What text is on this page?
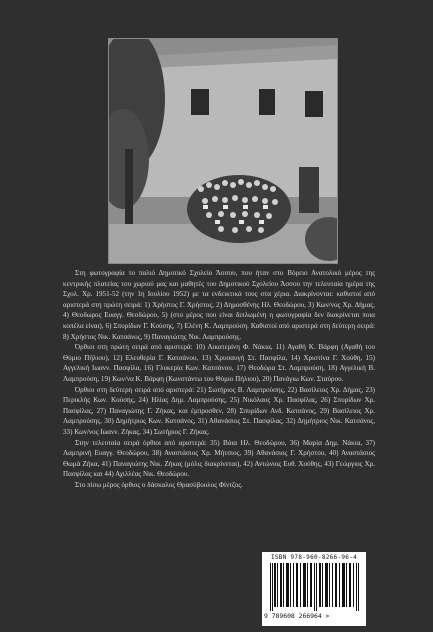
Στη φωτογραφία το παλιό Δημοτικό Σχολείο Άσσου, που ήταν στο Βόρειο Ανατολικό μέρος της κεντρικής πλατείας του χωριού μας και μαθητές του Δημοτικού Σχολείου Άσσου την τελευταία ημέρα της Σχολ. Χρ. 1951-52 (την 1η Ιουλίου 1952) με τα ενδεικτικά τους στα χέρια. Διακρίνονται: καθιστοί από αριστερά στη πρώτη σειρά: 1) Χρήστος Γ. Χρήστος, 2) Δημοσθένης Ηλ. Θεοδώρου, 3) Κων/νος Χρ. Δήμας, 4) Θεοδωρος Ευαγγ. Θεοδώρου, 5) (στο μέρος που είναι διπλωμένη η φωτογραφία δεν διακρίνεται ποια κοπέλα είναι), 6) Σπυρίδων Γ. Κούσης, 7) Ελένη Κ. Λαμπρούση. Καθιστοί από αριστερά στη δεύτερη σειρά: 8) Χρήστος Νικ. Κατσάνος, 9) Παναγιώτης Νικ. Λαμπρούσης.

Όρθιοι στη πρώτη σειρά από αριστερά: 10) Αικατερίνη Φ. Νάκια, 11) Αγαθή Κ. Βάρφη (Αγαθή του Θύμιο Πήλιου), 12) Ελευθερία Γ. Κατσάνου, 13) Χρυσαυγή Στ. Πασφίλα, 14) Χριστίνα Γ. Χούθη, 15) Αγγελική Ιωανν. Πασφίλα, 16) Γλυκερία Κων. Κατσάνου, 17) Θεοδώρα Στ. Λαμπρούση, 18) Αγγελική Β. Λαμπρούση, 19) Κων/να Κ. Βάρφη (Κωνστάντω του Θύμιο Πήλιου), 20) Πανάγιω Κων. Σταύρου.

Όρθιοι στη δεύτερη σειρά από αριστερά: 21) Σωτήριος Β. Λαμπρούσης, 22) Βασίλειος Χρ. Δήμας, 23) Περικλής Κων. Κούσης, 24) Ηλίας Δημ. Λαμπρούσης, 25) Νικόλαος Χρ. Πασφίλας, 26) Σπυρίδων Χρ. Πασφίλας, 27) Παναγιώτης Γ. Ζήκας, και έμπροσθεν, 28) Σπυρίδων Ανδ. Κατσάνος, 29) Βασίλειος Χρ. Λαμπρούσης, 30) Δημήτριος Κων. Κατσάνος, 31) Αθανάσιος Στ. Πασφίλας, 32) Δημήτριος Νικ. Κατσάνος, 33) Κων/νος Ιωανν. Ζήκας, 34) Σωτήριος Γ. Ζήκας.

Στην τελευταία σειρά όρθιοι από αριστερά: 35) Βάια Ηλ. Θεοδώρου, 36) Μαρία Δημ. Νάκια, 37) Λαμπρινή Ευαγγ. Θεοδώρου, 38) Αναστάσιος Χρ. Μήτσιος, 39) Αθανάσιος Γ. Χρήστου, 40) Αναστάσιος Θωμά Ζήκα, 41) Παναγιώτης Νικ. Ζήκας (μόλις διακρίνεται), 42) Αντώνιος Ευθ. Χούθης, 43) Γεώργιος Χρ. Πασφίλας και 44) Αχιλλέας Νικ. Θεοδώρου.

Στο πίσω μέρος όρθιος ο δάσκαλος Θρασύβουλος Φίντζος.

ISBN 978-960-8266-96-4
9 789608 266964 >
